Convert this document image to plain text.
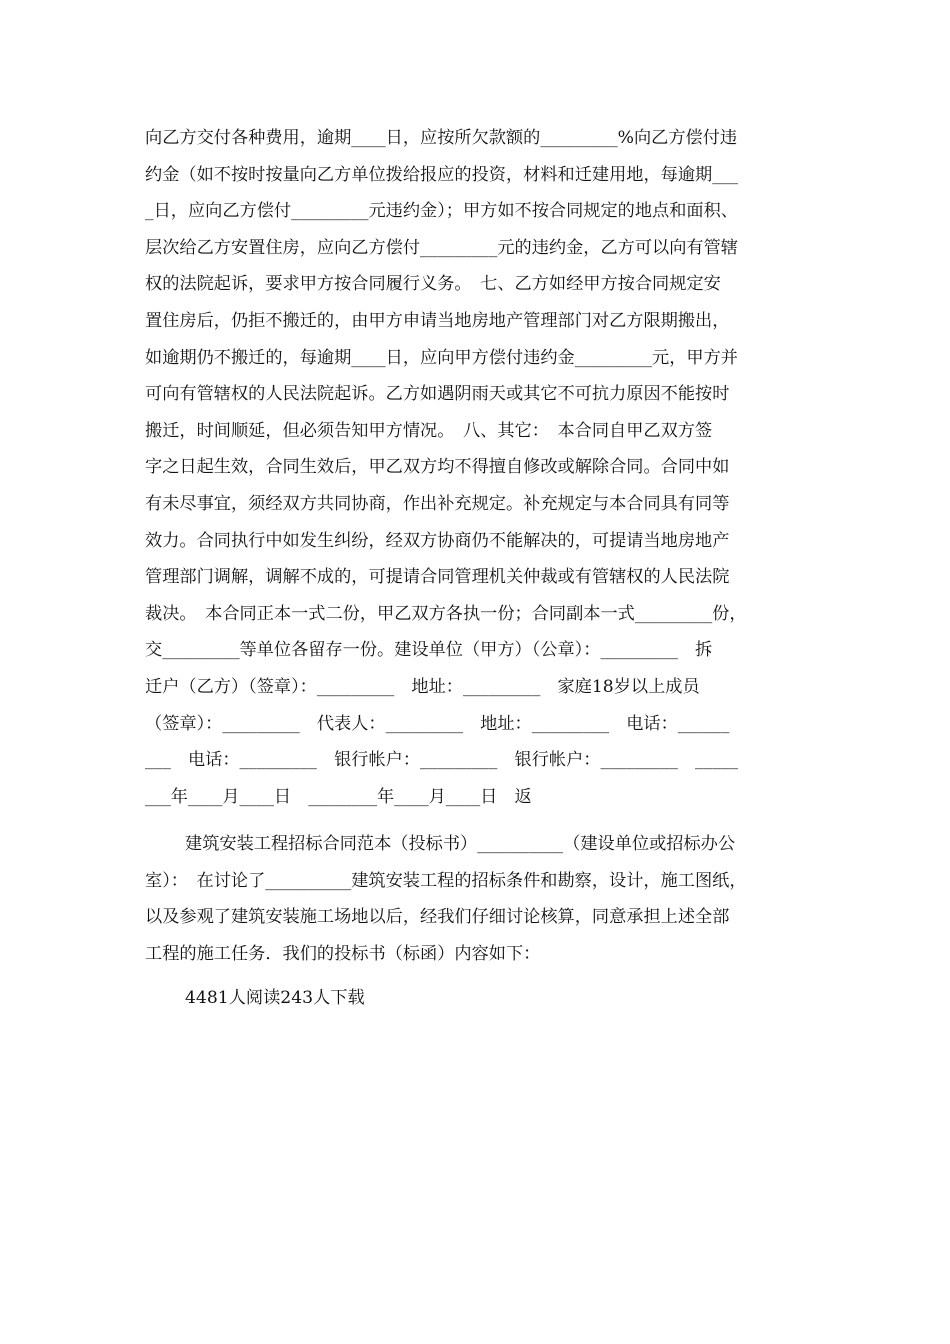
向乙方交付各种费用，逾期____日，应按所欠款额的_________%向乙方偿付违
约金（如不按时按量向乙方单位拨给报应的投资，材料和迁建用地，每逾期___
_日，应向乙方偿付_________元违约金）；甲方如不按合同规定的地点和面积、
层次给乙方安置住房，应向乙方偿付_________元的违约金，乙方可以向有管辖
权的法院起诉，要求甲方按合同履行义务。　七、乙方如经甲方按合同规定安
置住房后，仍拒不搬迁的，由甲方申请当地房地产管理部门对乙方限期搬出，
如逾期仍不搬迁的，每逾期____日，应向甲方偿付违约金_________元，甲方并
可向有管辖权的人民法院起诉。乙方如遇阴雨天或其它不可抗力原因不能按时
搬迁，时间顺延，但必须告知甲方情况。　八、其它：　本合同自甲乙双方签
字之日起生效，合同生效后，甲乙双方均不得擅自修改或解除合同。合同中如
有未尽事宜，须经双方共同协商，作出补充规定。补充规定与本合同具有同等
效力。合同执行中如发生纠纷，经双方协商仍不能解决的，可提请当地房地产
管理部门调解，调解不成的，可提请合同管理机关仲裁或有管辖权的人民法院
裁决。　本合同正本一式二份，甲乙双方各执一份；合同副本一式_________份，
交_________等单位各留存一份。建设单位（甲方）（公章）：_________　拆
迁户（乙方）（签章）：_________　地址：_________　家庭18岁以上成员
（签章）：_________　代表人：_________　地址：_________　电话：______
___　电话：_________　银行帐户：_________　银行帐户：_________　_____
___年____月____日　________年____月____日　返
建筑安装工程招标合同范本（投标书）__________（建设单位或招标办公
室）：　在讨论了__________建筑安装工程的招标条件和勘察，设计，施工图纸，
以及参观了建筑安装施工场地以后，经我们仔细讨论核算，同意承担上述全部
工程的施工任务．我们的投标书（标函）内容如下：
4481人阅读243人下载
